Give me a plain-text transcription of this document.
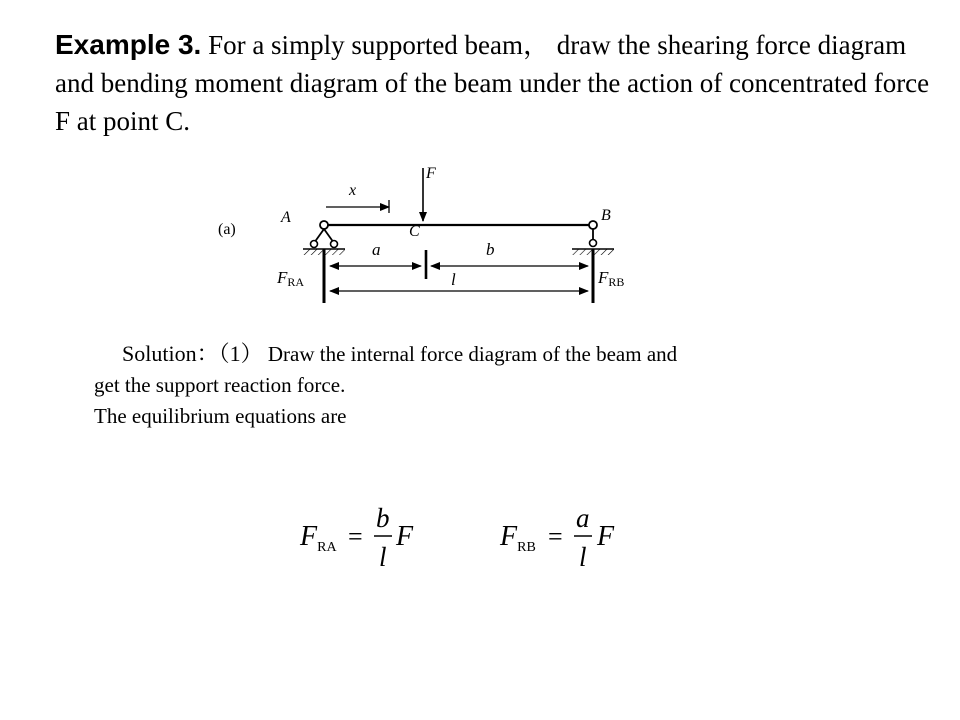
Example 3. For a simply supported beam， draw the shearing force diagram and bending moment diagram of the beam under the action of concentrated force F at point C.
(a)
F
x
A	B
C
a	b
l
FRA	FRB
Solution：（1） Draw the internal force diagram of the beam and
get the support reaction force.
The equilibrium equations are
$F_{RA}$ =
b
l
F	$F_{RB}$ =
a
l
F
